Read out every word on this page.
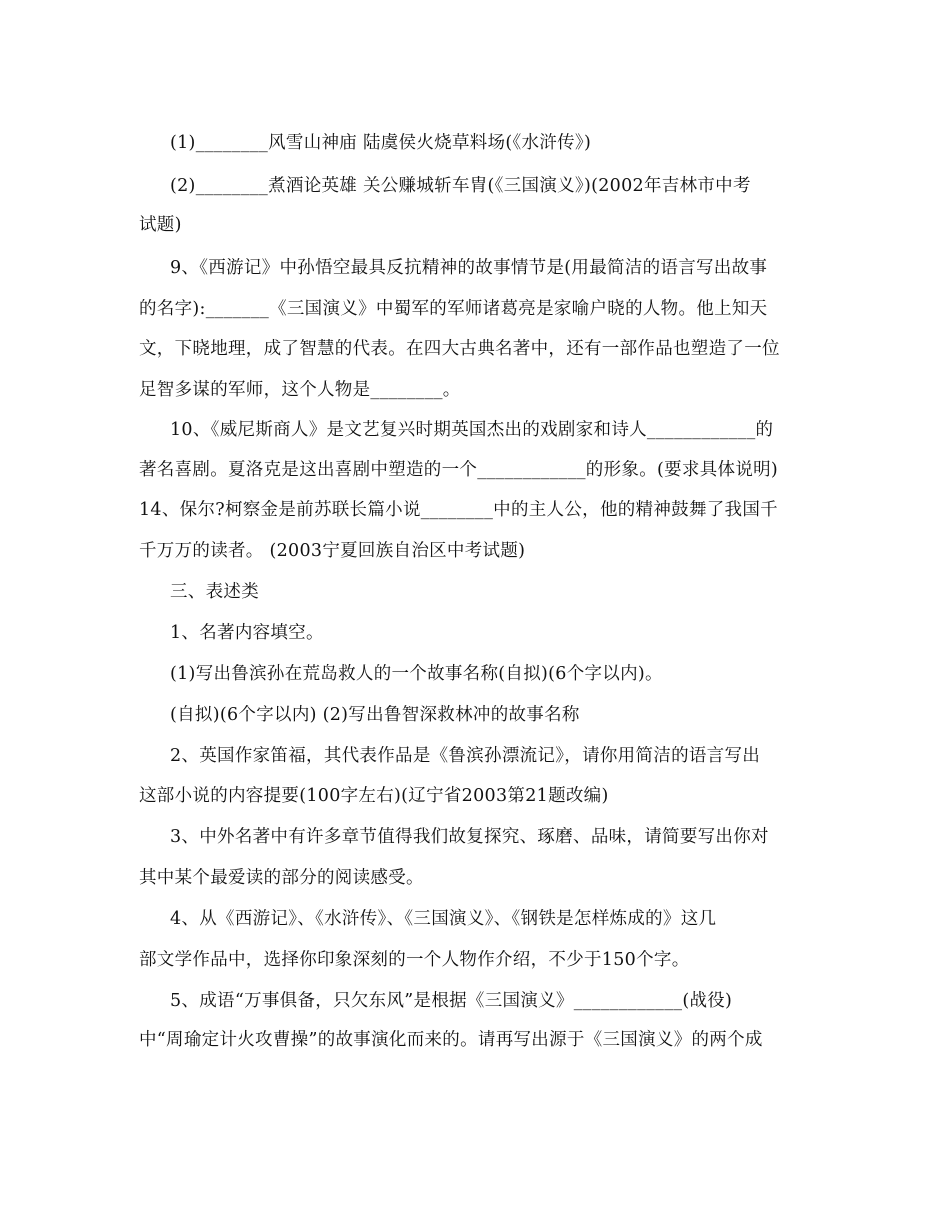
(1)________风雪山神庙 陆虞侯火烧草料场(《水浒传》)
(2)________煮酒论英雄 关公赚城斩车胄(《三国演义》)(2002年吉林市中考
试题)
9、《西游记》中孙悟空最具反抗精神的故事情节是(用最简洁的语言写出故事
的名字):_______《三国演义》中蜀军的军师诸葛亮是家喻户晓的人物。他上知天
文，下晓地理，成了智慧的代表。在四大古典名著中，还有一部作品也塑造了一位
足智多谋的军师，这个人物是________。
10、《威尼斯商人》是文艺复兴时期英国杰出的戏剧家和诗人____________的
著名喜剧。夏洛克是这出喜剧中塑造的一个____________的形象。(要求具体说明)
14、保尔?柯察金是前苏联长篇小说________中的主人公，他的精神鼓舞了我国千
千万万的读者。 (2003宁夏回族自治区中考试题)
三、表述类
1、名著内容填空。
(1)写出鲁滨孙在荒岛救人的一个故事名称(自拟)(6个字以内)。
(自拟)(6个字以内) (2)写出鲁智深救林冲的故事名称
2、英国作家笛福，其代表作品是《鲁滨孙漂流记》，请你用简洁的语言写出
这部小说的内容提要(100字左右)(辽宁省2003第21题改编)
3、中外名著中有许多章节值得我们故复探究、琢磨、品味，请简要写出你对
其中某个最爱读的部分的阅读感受。
4、从《西游记》、《水浒传》、《三国演义》、《钢铁是怎样炼成的》这几
部文学作品中，选择你印象深刻的一个人物作介绍，不少于150个字。
5、成语“万事俱备，只欠东风”是根据《三国演义》____________(战役)
中“周瑜定计火攻曹操”的故事演化而来的。请再写出源于《三国演义》的两个成
